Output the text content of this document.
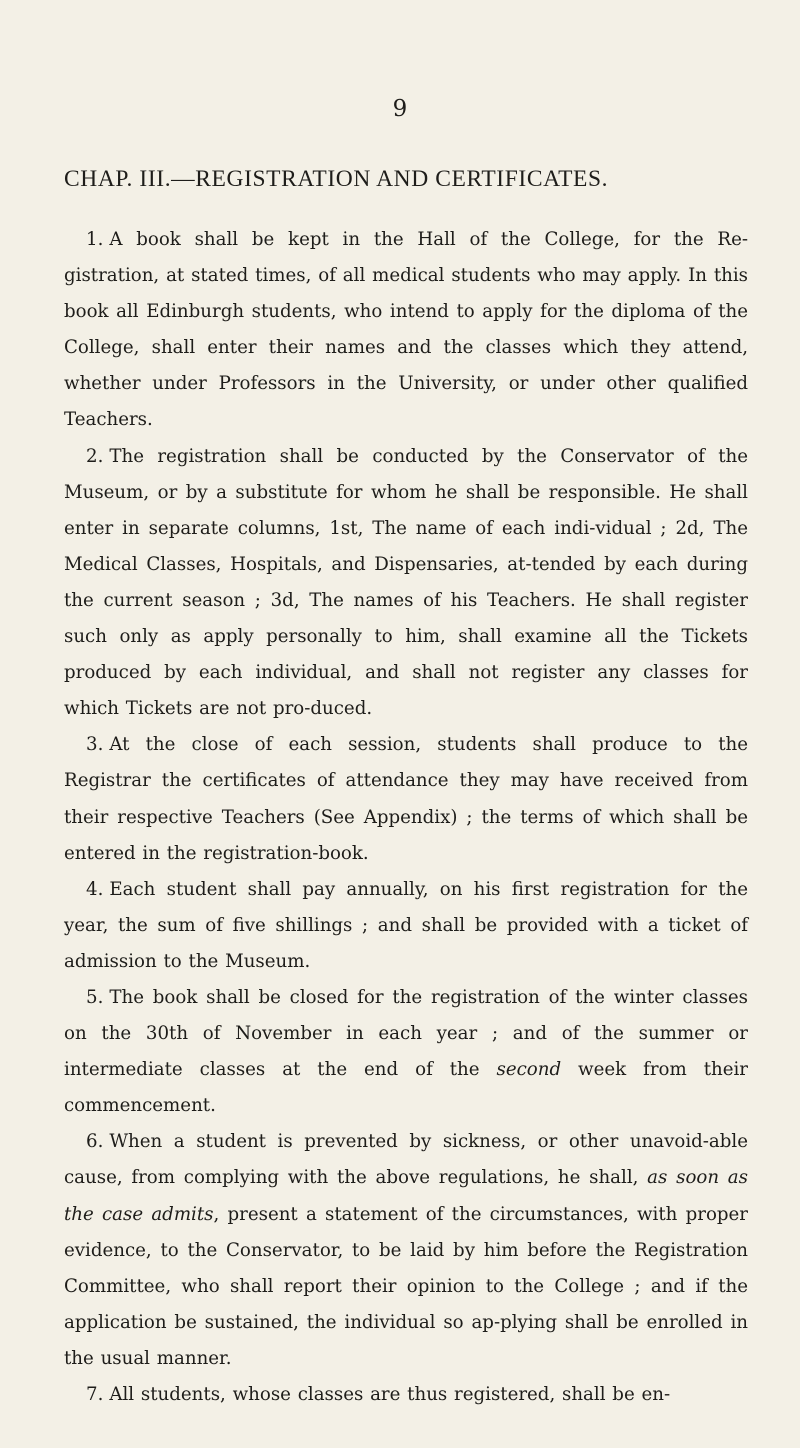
9
CHAP. III.—REGISTRATION AND CERTIFICATES.

1. A book shall be kept in the Hall of the College, for the Re-gistration, at stated times, of all medical students who may apply. In this book all Edinburgh students, who intend to apply for the diploma of the College, shall enter their names and the classes which they attend, whether under Professors in the University, or under other qualified Teachers.

2. The registration shall be conducted by the Conservator of the Museum, or by a substitute for whom he shall be responsible. He shall enter in separate columns, 1st, The name of each indi-vidual ; 2d, The Medical Classes, Hospitals, and Dispensaries, at-tended by each during the current season ; 3d, The names of his Teachers. He shall register such only as apply personally to him, shall examine all the Tickets produced by each individual, and shall not register any classes for which Tickets are not pro-duced.

3. At the close of each session, students shall produce to the Registrar the certificates of attendance they may have received from their respective Teachers (See Appendix) ; the terms of which shall be entered in the registration-book.

4. Each student shall pay annually, on his first registration for the year, the sum of five shillings ; and shall be provided with a ticket of admission to the Museum.

5. The book shall be closed for the registration of the winter classes on the 30th of November in each year ; and of the summer or intermediate classes at the end of the second week from their commencement.

6. When a student is prevented by sickness, or other unavoid-able cause, from complying with the above regulations, he shall, as soon as the case admits, present a statement of the circumstances, with proper evidence, to the Conservator, to be laid by him before the Registration Committee, who shall report their opinion to the College ; and if the application be sustained, the individual so ap-plying shall be enrolled in the usual manner.

7. All students, whose classes are thus registered, shall be en-
